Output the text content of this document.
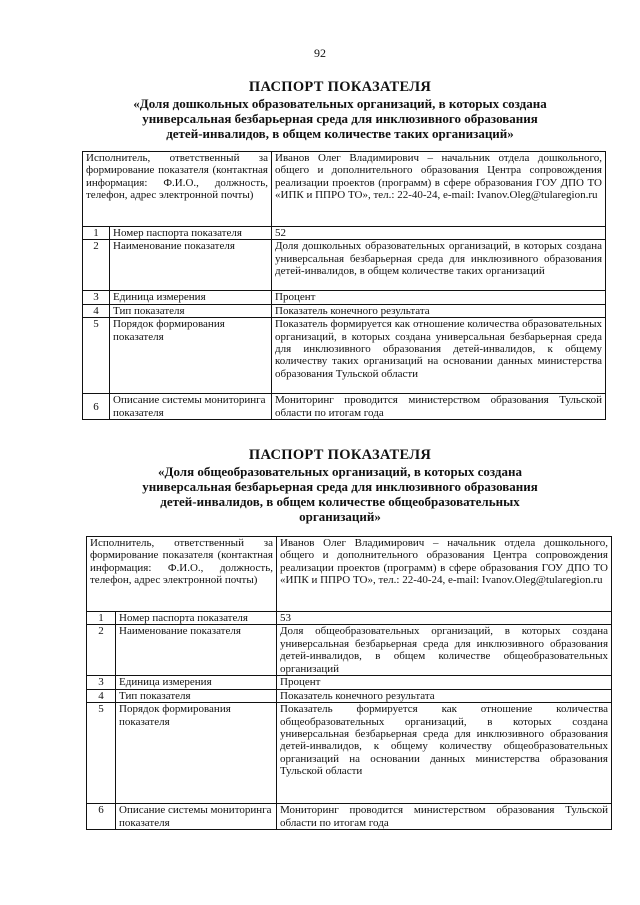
92
ПАСПОРТ ПОКАЗАТЕЛЯ
«Доля дошкольных образовательных организаций, в которых создана
универсальная безбарьерная среда для инклюзивного образования
детей-инвалидов, в общем количестве таких организаций»
Исполнитель, ответственный за формирование показателя (контактная информация: Ф.И.О., должность, телефон, адрес электронной почты)		Иванов Олег Владимирович – начальник отдела дошкольного, общего и дополнительного образования Центра сопровождения реализации проектов (программ) в сфере образования ГОУ ДПО ТО «ИПК и ППРО ТО», тел.: 22-40-24, e-mail: Ivanov.Oleg@tularegion.ru
1	Номер паспорта показателя	52
2	Наименование показателя	Доля дошкольных образовательных организаций, в которых создана универсальная безбарьерная среда для инклюзивного образования детей-инвалидов, в общем количестве таких организаций
3	Единица измерения	Процент
4	Тип показателя	Показатель конечного результата
5	Порядок формирования показателя	Показатель формируется как отношение количества образовательных организаций, в которых создана универсальная безбарьерная среда для инклюзивного образования детей-инвалидов, к общему количеству таких организаций на основании данных министерства образования Тульской области
6	Описание системы мониторинга показателя	Мониторинг проводится министерством образования Тульской области по итогам года
ПАСПОРТ ПОКАЗАТЕЛЯ
«Доля общеобразовательных организаций, в которых создана
универсальная безбарьерная среда для инклюзивного образования
детей-инвалидов, в общем количестве общеобразовательных
организаций»
Исполнитель, ответственный за формирование показателя (контактная информация: Ф.И.О., должность, телефон, адрес электронной почты)		Иванов Олег Владимирович – начальник отдела дошкольного, общего и дополнительного образования Центра сопровождения реализации проектов (программ) в сфере образования ГОУ ДПО ТО «ИПК и ППРО ТО», тел.: 22-40-24, e-mail: Ivanov.Oleg@tularegion.ru
1	Номер паспорта показателя	53
2	Наименование показателя	Доля общеобразовательных организаций, в которых создана универсальная безбарьерная среда для инклюзивного образования детей-инвалидов, в общем количестве общеобразовательных организаций
3	Единица измерения	Процент
4	Тип показателя	Показатель конечного результата
5	Порядок формирования показателя	Показатель формируется как отношение количества общеобразовательных организаций, в которых создана универсальная безбарьерная среда для инклюзивного образования детей-инвалидов, к общему количеству общеобразовательных организаций на основании данных министерства образования Тульской области
6	Описание системы мониторинга показателя	Мониторинг проводится министерством образования Тульской области по итогам года
